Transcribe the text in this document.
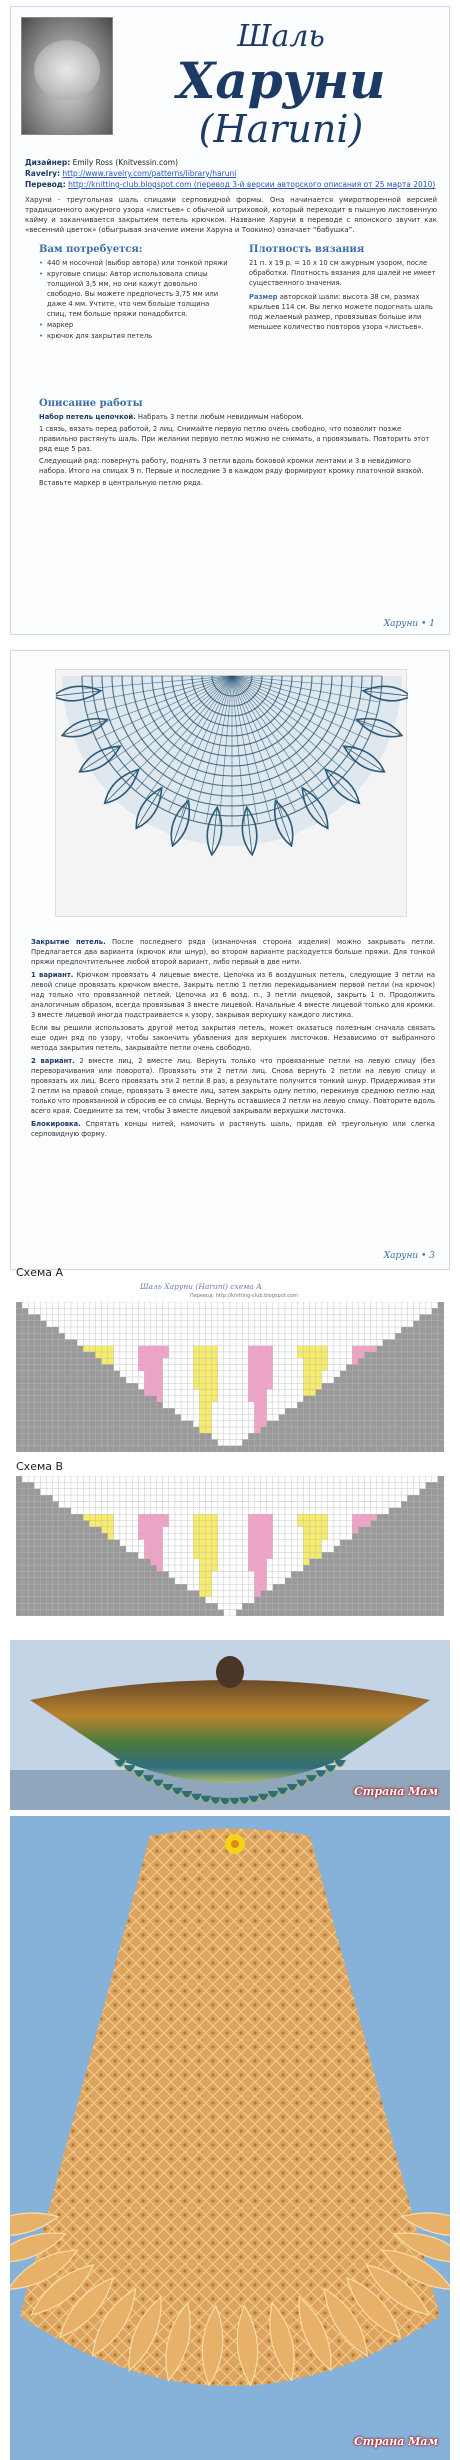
Шаль
Харуни
(Haruni)
Дизайнер: Emily Ross (Knitvessin.com)
Ravelry: http://www.ravelry.com/patterns/library/haruni
Перевод: http://knitting-club.blogspot.com (перевод 3-й версии авторского описания от 25 марта 2010)
Харуни - треугольная шаль спицами серповидной формы. Она начинается умиротворенной версией традиционного ажурного узора «листьев» с обычной штриховой, который переходит в пышную листовенную кайму и заканчивается закрытием петель крючком. Название Харуни в переводе с японского звучит как «весенний цветок» (обыгрывая значение имени Харуна и Тоокино) означает “бабушка”.
Вам потребуется:
• 440 м носочной (выбор автора) или тонкой пряжи
• круговые спицы: Автор использовала спицы толщиной 3,5 мм, но они кажут довольно свободно. Вы можете предпочесть 3,75 мм или даже 4 мм. Учтите, что чем больше толщина спиц, тем больше пряжи понадобится.
• маркер
• крючок для закрытия петель
Плотность вязания

21 п. x 19 р. = 10 x 10 см ажурным узором, после обработки. Плотность вязания для шалей не имеет существенного значения.

Размер авторской шали: высота 38 см, размах крыльев 114 см. Вы легко можете подогнать шаль под желаемый размер, провязывая больше или меньшее количество повторов узора «листьев».

Описание работы

Набор петель цепочкой. Набрать 3 петли любым невидимым набором.

1 связь, вязать перед работой, 2 лиц. Снимайте первую петлю очень свободно, что позволит позже правильно растянуть шаль. При желании первую петлю можно не снимать, а провязывать. Повторить этот ряд еще 5 раз.

Следующий ряд: повернуть работу, поднять 3 петли вдоль боковой кромки лентами и 3 в невидимого набора. Итого на спицах 9 п. Первые и последние 3 в каждом ряду формируют кромку платочной вязкой.

Вставьте маркер в центральную петлю ряда.

Харуни • 1

Закрытие петель. После последнего ряда (изнаночная сторона изделия) можно закрывать петли. Предлагается два варианта (крючок или шнур), во втором варианте расходуется больше пряжи. Для тонкой пряжи предпочтительнее любой второй вариант, либо первый в две нити.

1 вариант. Крючком провязать 4 лицевые вместе. Цепочка из 6 воздушных петель, следующие 3 петли на левой спице провязать крючком вместе. Закрыть петлю 1 петлю перекидыванием первой петли (на крючок) над только что провязанной петлей. Цепочка из 6 возд. п., 3 петли лицевой, закрыть 1 п. Продолжить аналогичным образом, всегда провязывая 3 вместе лицевой. Начальные 4 вместе лицевой только для кромки. 3 вместе лицевой иногда подстраивается к узору, закрывая верхушку каждого листика.

Если вы решили использовать другой метод закрытия петель, может оказаться полезным сначала связать еще один ряд по узору, чтобы закончить убавления для верхушек листочков. Независимо от выбранного метода закрытия петель, закрывайте петли очень свободно.

2 вариант. 2 вместе лиц, 2 вместе лиц. Вернуть только что провязанные петли на левую спицу (без переворачивания или поворота). Провязать эти 2 петли лиц. Снова вернуть 2 петли на левую спицу и провязать их лиц. Всего провязать эти 2 петли 8 раз, в результате получится тонкий шнур. Придерживая эти 2 петли на правой спице, провязать 3 вместе лиц, затем закрыть одну петлю, перекинув среднюю петлю над только что провязанной и сбросив ее со спицы. Вернуть оставшиеся 2 петли на левую спицу. Повторите вдоль всего края. Соедините за тем, чтобы 3 вместе лицевой закрывали верхушки листочка.

Блокировка. Спрятать концы нитей, намочить и растянуть шаль, придав ей треугольную или слегка серповидную форму.

Харуни • 3
Шаль Харуни (Haruni) схема А
Перевод: http://knitting-club.blogspot.com
Схема А
Схема B
Страна Мам
Страна Мам
